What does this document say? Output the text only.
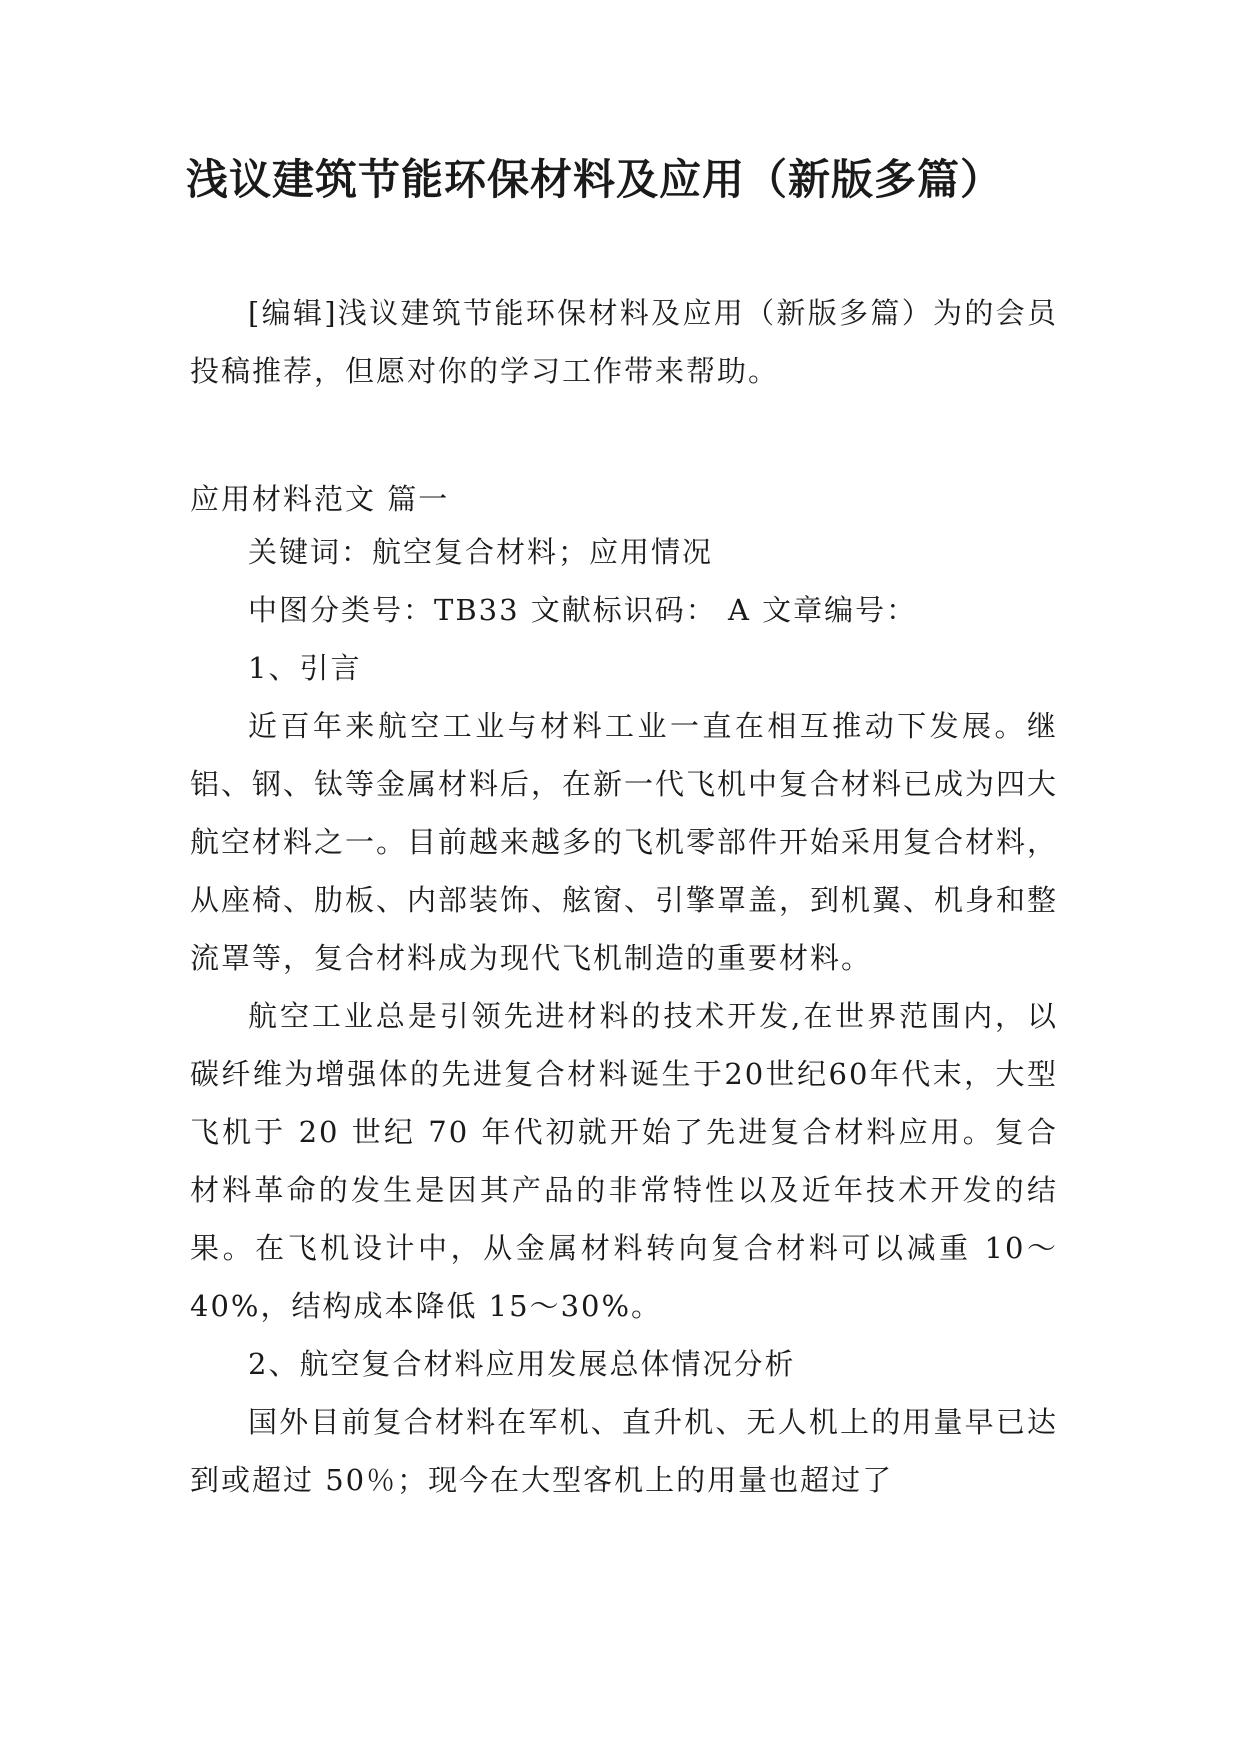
浅议建筑节能环保材料及应用（新版多篇）

[编辑]浅议建筑节能环保材料及应用（新版多篇）为的会员投稿推荐，但愿对你的学习工作带来帮助。

应用材料范文 篇一

关键词：航空复合材料；应用情况

中图分类号：TB33 文献标识码： A 文章编号：

1、引言

近百年来航空工业与材料工业一直在相互推动下发展。继铝、钢、钛等金属材料后，在新一代飞机中复合材料已成为四大航空材料之一。目前越来越多的飞机零部件开始采用复合材料，从座椅、肋板、内部装饰、舷窗、引擎罩盖，到机翼、机身和整流罩等，复合材料成为现代飞机制造的重要材料。

航空工业总是引领先进材料的技术开发,在世界范围内，以碳纤维为增强体的先进复合材料诞生于20世纪60年代末，大型飞机于 20 世纪 70 年代初就开始了先进复合材料应用。复合材料革命的发生是因其产品的非常特性以及近年技术开发的结果。在飞机设计中，从金属材料转向复合材料可以减重 10～40%，结构成本降低 15～30%。

2、航空复合材料应用发展总体情况分析

国外目前复合材料在军机、直升机、无人机上的用量早已达到或超过 50％；现今在大型客机上的用量也超过了
